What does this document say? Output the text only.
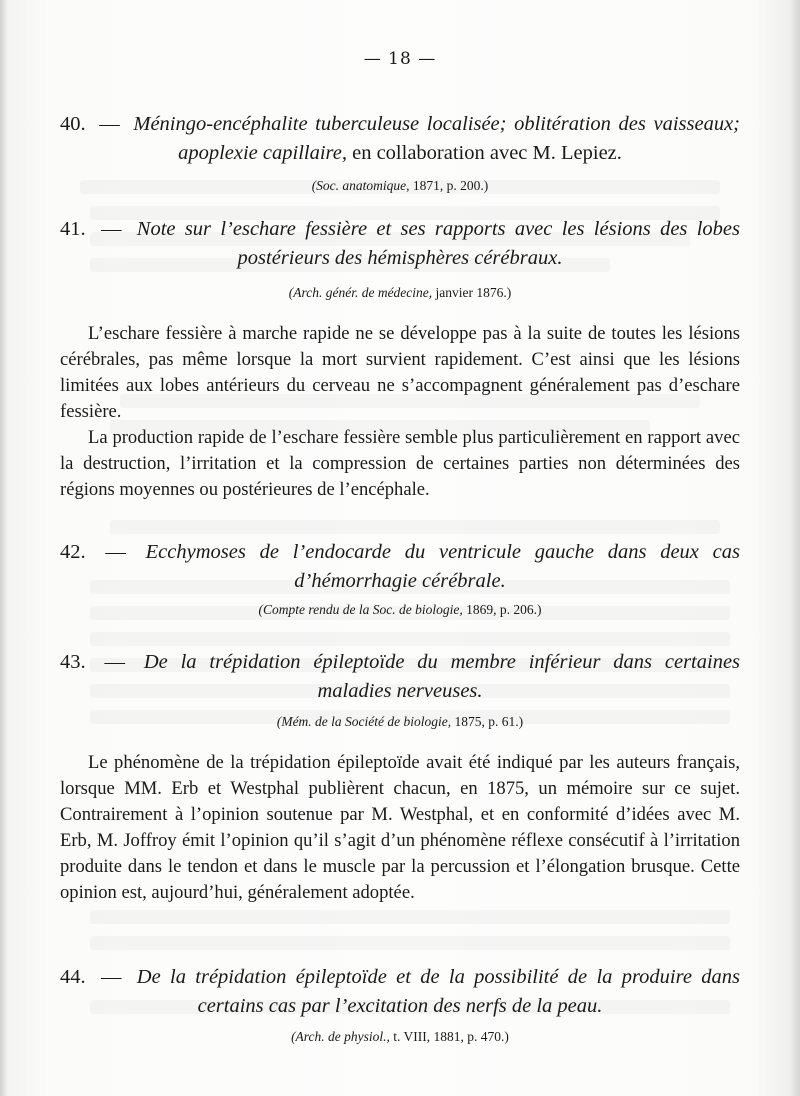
— 18 —

40. — Méningo-encéphalite tuberculeuse localisée; oblitération des vaisseaux; apoplexie capillaire, en collaboration avec M. Lepiez.

(Soc. anatomique, 1871, p. 200.)

41. — Note sur l’eschare fessière et ses rapports avec les lésions des lobes postérieurs des hémisphères cérébraux.

(Arch. génér. de médecine, janvier 1876.)

L’eschare fessière à marche rapide ne se développe pas à la suite de toutes les lésions cérébrales, pas même lorsque la mort survient rapidement. C’est ainsi que les lésions limitées aux lobes antérieurs du cerveau ne s’accompagnent généralement pas d’eschare fessière.

La production rapide de l’eschare fessière semble plus particulièrement en rapport avec la destruction, l’irritation et la compression de certaines parties non déterminées des régions moyennes ou postérieures de l’encéphale.

42. — Ecchymoses de l’endocarde du ventricule gauche dans deux cas d’hémorrhagie cérébrale.

(Compte rendu de la Soc. de biologie, 1869, p. 206.)

43. — De la trépidation épileptoïde du membre inférieur dans certaines maladies nerveuses.

(Mém. de la Société de biologie, 1875, p. 61.)

Le phénomène de la trépidation épileptoïde avait été indiqué par les auteurs français, lorsque MM. Erb et Westphal publièrent chacun, en 1875, un mémoire sur ce sujet. Contrairement à l’opinion soutenue par M. Westphal, et en conformité d’idées avec M. Erb, M. Joffroy émit l’opinion qu’il s’agit d’un phénomène réflexe consécutif à l’irritation produite dans le tendon et dans le muscle par la percussion et l’élongation brusque. Cette opinion est, aujourd’hui, généralement adoptée.

44. — De la trépidation épileptoïde et de la possibilité de la produire dans certains cas par l’excitation des nerfs de la peau.

(Arch. de physiol., t. VIII, 1881, p. 470.)
